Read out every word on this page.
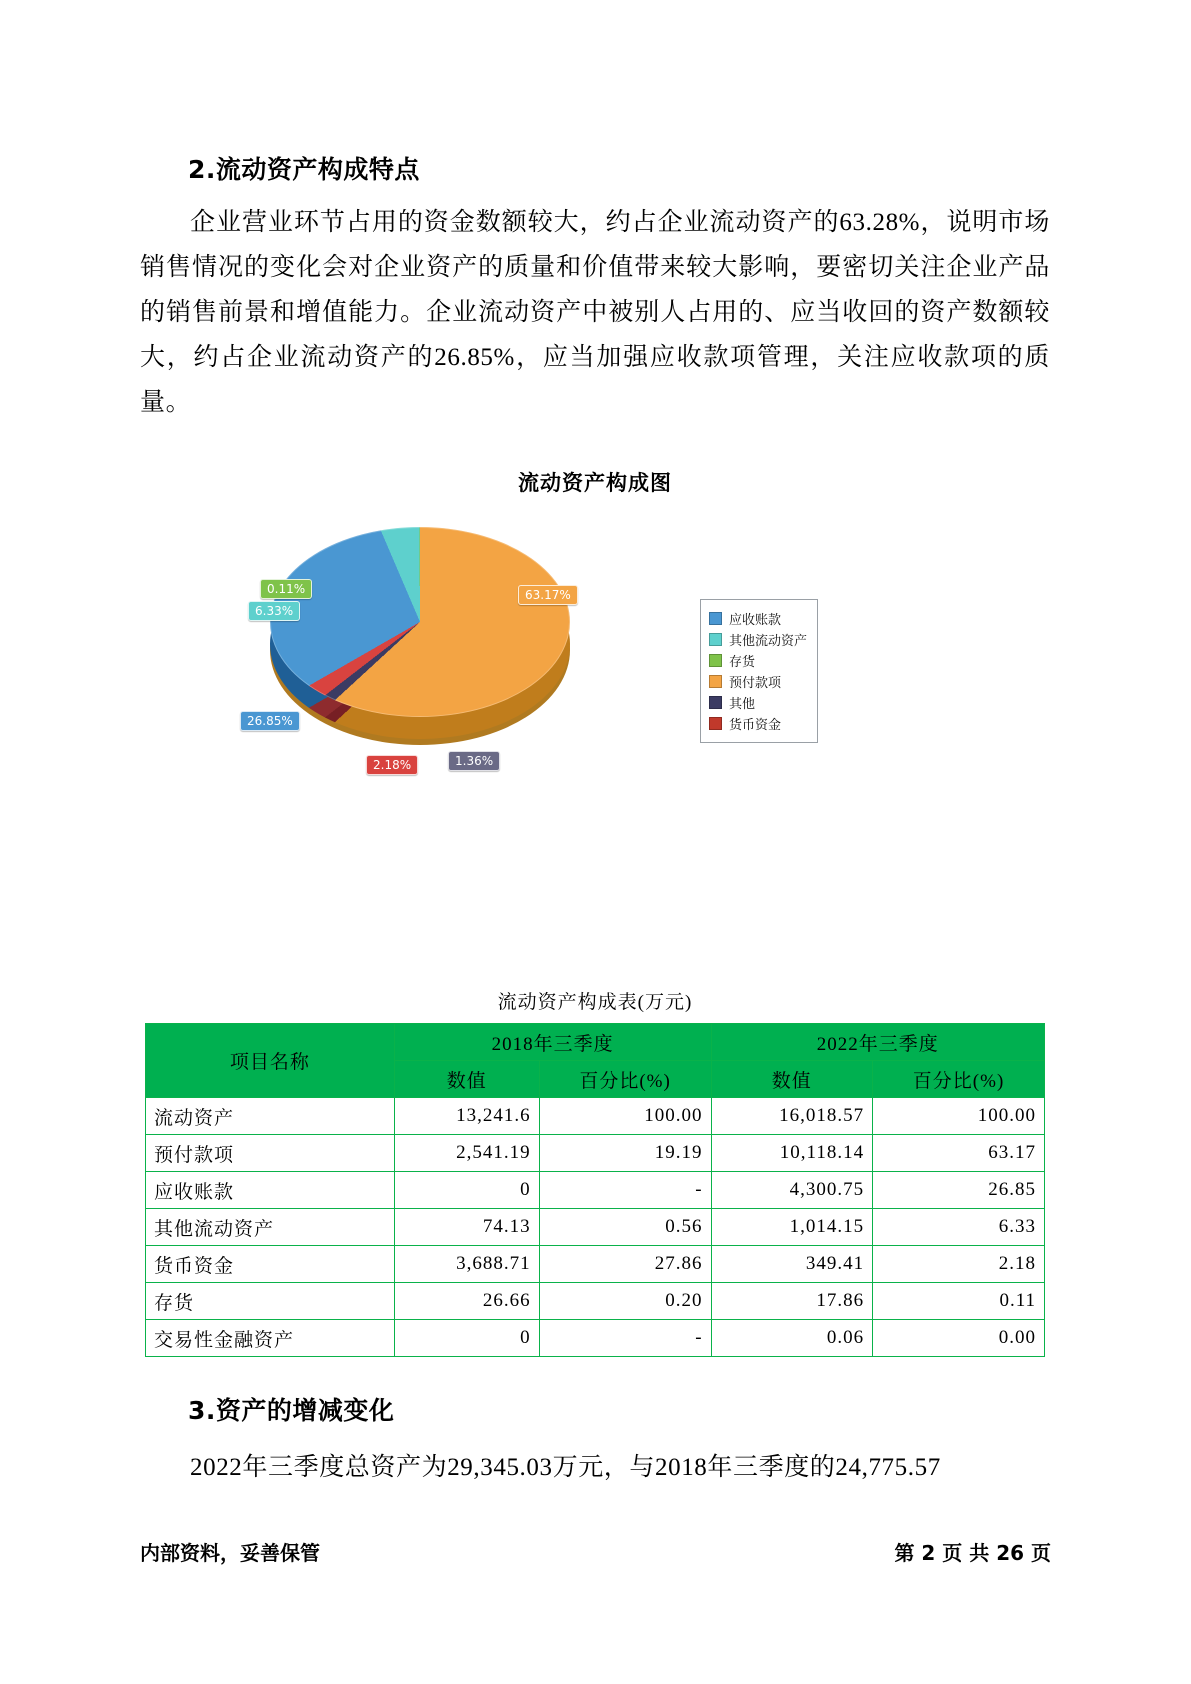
2.流动资产构成特点

企业营业环节占用的资金数额较大，约占企业流动资产的63.28%，说明市场销售情况的变化会对企业资产的质量和价值带来较大影响，要密切关注企业产品的销售前景和增值能力。企业流动资产中被别人占用的、应当收回的资产数额较大，约占企业流动资产的26.85%，应当加强应收款项管理，关注应收款项的质量。

流动资产构成图
63.17%
0.11%
6.33%
26.85%
2.18%	1.36%
应收账款
其他流动资产
存货
预付款项
其他
货币资金
流动资产构成表(万元)
项目名称	2018年三季度		2022年三季度	
	数值	百分比(%)	数值	百分比(%)
流动资产	13,241.6	100.00	16,018.57	100.00
预付款项	2,541.19	19.19	10,118.14	63.17
应收账款	0	-	4,300.75	26.85
其他流动资产	74.13	0.56	1,014.15	6.33
货币资金	3,688.71	27.86	349.41	2.18
存货	26.66	0.20	17.86	0.11
交易性金融资产	0	-	0.06	0.00
3.资产的增减变化

2022年三季度总资产为29,345.03万元，与2018年三季度的24,775.57

内部资料，妥善保管	第 2 页 共 26 页
